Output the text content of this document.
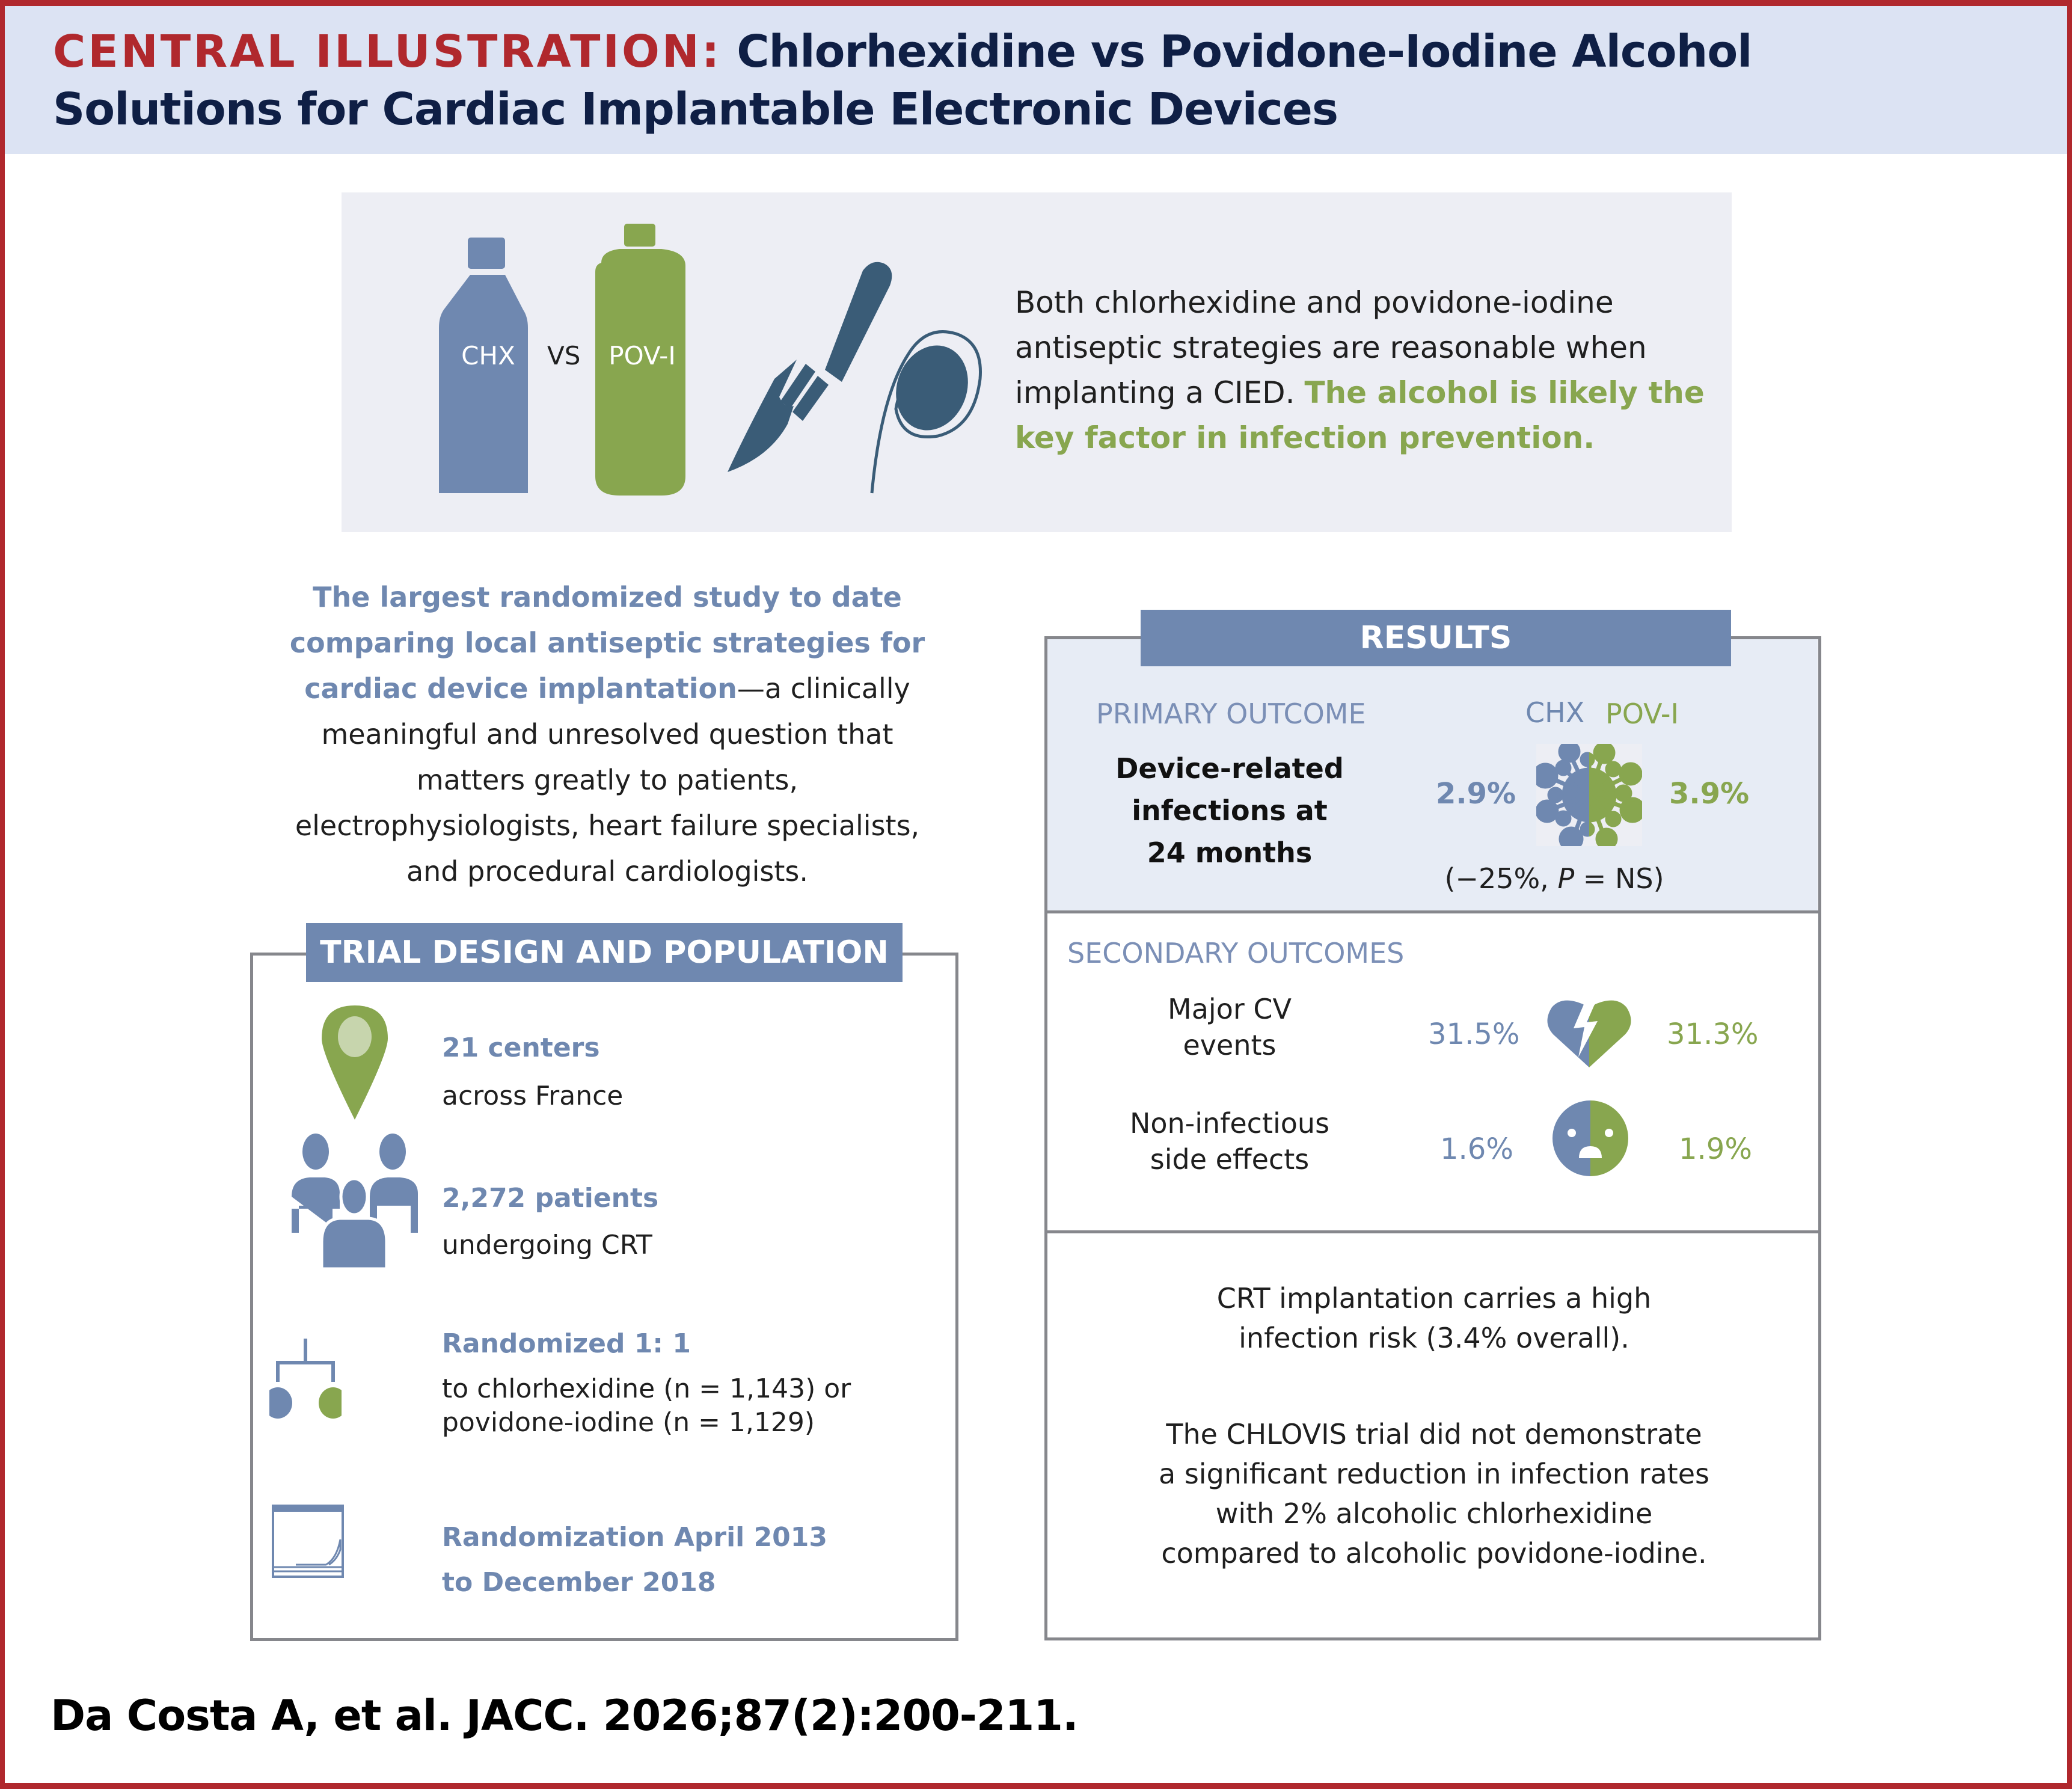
CENTRAL ILLUSTRATION: Chlorhexidine vs Povidone-Iodine Alcohol
Solutions for Cardiac Implantable Electronic Devices
CHX	VS	POV-I
Both chlorhexidine and povidone-iodine antiseptic strategies are reasonable when implanting a CIED. The alcohol is likely the key factor in infection prevention.
The largest randomized study to date comparing local antiseptic strategies for cardiac device implantation—a clinically meaningful and unresolved question that matters greatly to patients, electrophysiologists, heart failure specialists, and procedural cardiologists.
TRIAL DESIGN AND POPULATION
21 centers
across France
2,272 patients
undergoing CRT
Randomized 1: 1
to chlorhexidine (n = 1,143) or
povidone-iodine (n = 1,129)
Randomization April 2013
to December 2018
RESULTS
PRIMARY OUTCOME	CHX POV-I
Device-related
infections at
24 months
2.9%	3.9%
(−25%, P = NS)
SECONDARY OUTCOMES
Major CV
events	31.5%	31.3%
Non-infectious
side effects	1.6%	1.9%
CRT implantation carries a high
infection risk (3.4% overall).
The CHLOVIS trial did not demonstrate
a significant reduction in infection rates
with 2% alcoholic chlorhexidine
compared to alcoholic povidone-iodine.
Da Costa A, et al. JACC. 2026;87(2):200-211.
